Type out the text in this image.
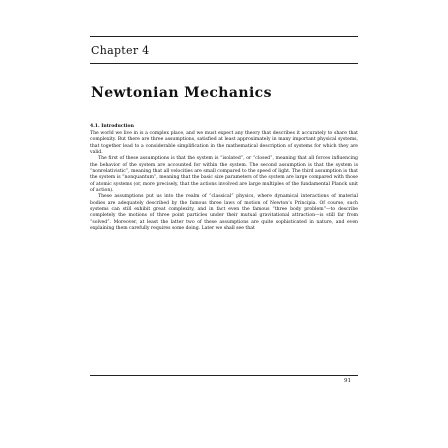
Chapter 4
Newtonian Mechanics
4.1. Introduction

The world we live in is a complex place, and we must expect any theory that describes it accurately to share that complexity. But there are three assumptions, satisfied at least approximately in many important physical systems, that together lead to a considerable simplification in the mathematical description of systems for which they are valid.

The first of these assumptions is that the system is “isolated”, or “closed”, meaning that all forces influencing the behavior of the system are accounted for within the system. The second assumption is that the system is “nonrelativistic”, meaning that all velocities are small compared to the speed of light. The third assumption is that the system is “nonquantum”, meaning that the basic size parameters of the system are large compared with those of atomic systems (or, more precisely, that the actions involved are large multiples of the fundamental Planck unit of action).

These assumptions put us into the realm of “classical” physics, where dynamical interactions of material bodies are adequately described by the famous three laws of motion of Newton’s Principia. Of course, such systems can still exhibit great complexity, and in fact even the famous “three body problem”—to describe completely the motions of three point particles under their mutual gravitational attraction—is still far from “solved”. Moreover, at least the latter two of these assumptions are quite sophisticated in nature, and even explaining them carefully requires some doing. Later we shall see that

91
